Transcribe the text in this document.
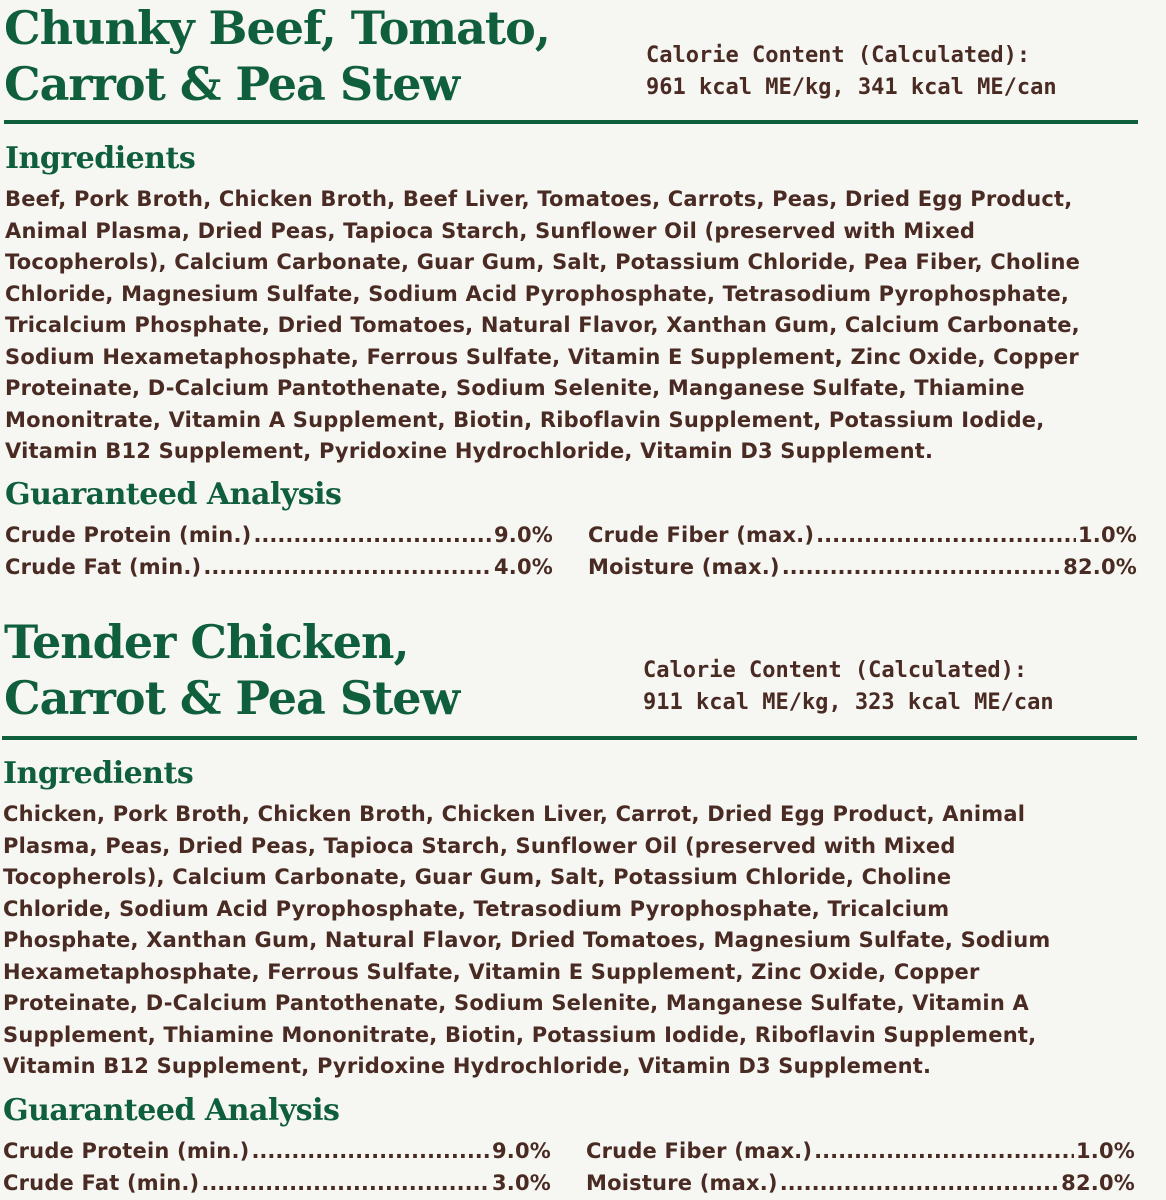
Chunky Beef, Tomato,
Carrot & Pea Stew
Calorie Content (Calculated):
961 kcal ME/kg, 341 kcal ME/can
Ingredients

Beef, Pork Broth, Chicken Broth, Beef Liver, Tomatoes, Carrots, Peas, Dried Egg Product,
Animal Plasma, Dried Peas, Tapioca Starch, Sunflower Oil (preserved with Mixed
Tocopherols), Calcium Carbonate, Guar Gum, Salt, Potassium Chloride, Pea Fiber, Choline
Chloride, Magnesium Sulfate, Sodium Acid Pyrophosphate, Tetrasodium Pyrophosphate,
Tricalcium Phosphate, Dried Tomatoes, Natural Flavor, Xanthan Gum, Calcium Carbonate,
Sodium Hexametaphosphate, Ferrous Sulfate, Vitamin E Supplement, Zinc Oxide, Copper
Proteinate, D-Calcium Pantothenate, Sodium Selenite, Manganese Sulfate, Thiamine
Mononitrate, Vitamin A Supplement, Biotin, Riboflavin Supplement, Potassium Iodide,
Vitamin B12 Supplement, Pyridoxine Hydrochloride, Vitamin D3 Supplement.

Guaranteed Analysis
Crude Protein (min.) .....	9.0% Crude Fiber (max.) .....	1.0%
Crude Fat (min.) .....	4.0% Moisture (max.) .....	82.0%
Tender Chicken,
Carrot & Pea Stew
Calorie Content (Calculated):
911 kcal ME/kg, 323 kcal ME/can
Ingredients

Chicken, Pork Broth, Chicken Broth, Chicken Liver, Carrot, Dried Egg Product, Animal
Plasma, Peas, Dried Peas, Tapioca Starch, Sunflower Oil (preserved with Mixed
Tocopherols), Calcium Carbonate, Guar Gum, Salt, Potassium Chloride, Choline
Chloride, Sodium Acid Pyrophosphate, Tetrasodium Pyrophosphate, Tricalcium
Phosphate, Xanthan Gum, Natural Flavor, Dried Tomatoes, Magnesium Sulfate, Sodium
Hexametaphosphate, Ferrous Sulfate, Vitamin E Supplement, Zinc Oxide, Copper
Proteinate, D-Calcium Pantothenate, Sodium Selenite, Manganese Sulfate, Vitamin A
Supplement, Thiamine Mononitrate, Biotin, Potassium Iodide, Riboflavin Supplement,
Vitamin B12 Supplement, Pyridoxine Hydrochloride, Vitamin D3 Supplement.

Guaranteed Analysis
Crude Protein (min.) .....	9.0% Crude Fiber (max.) .....	1.0%
Crude Fat (min.) .....	3.0% Moisture (max.) .....	82.0%
